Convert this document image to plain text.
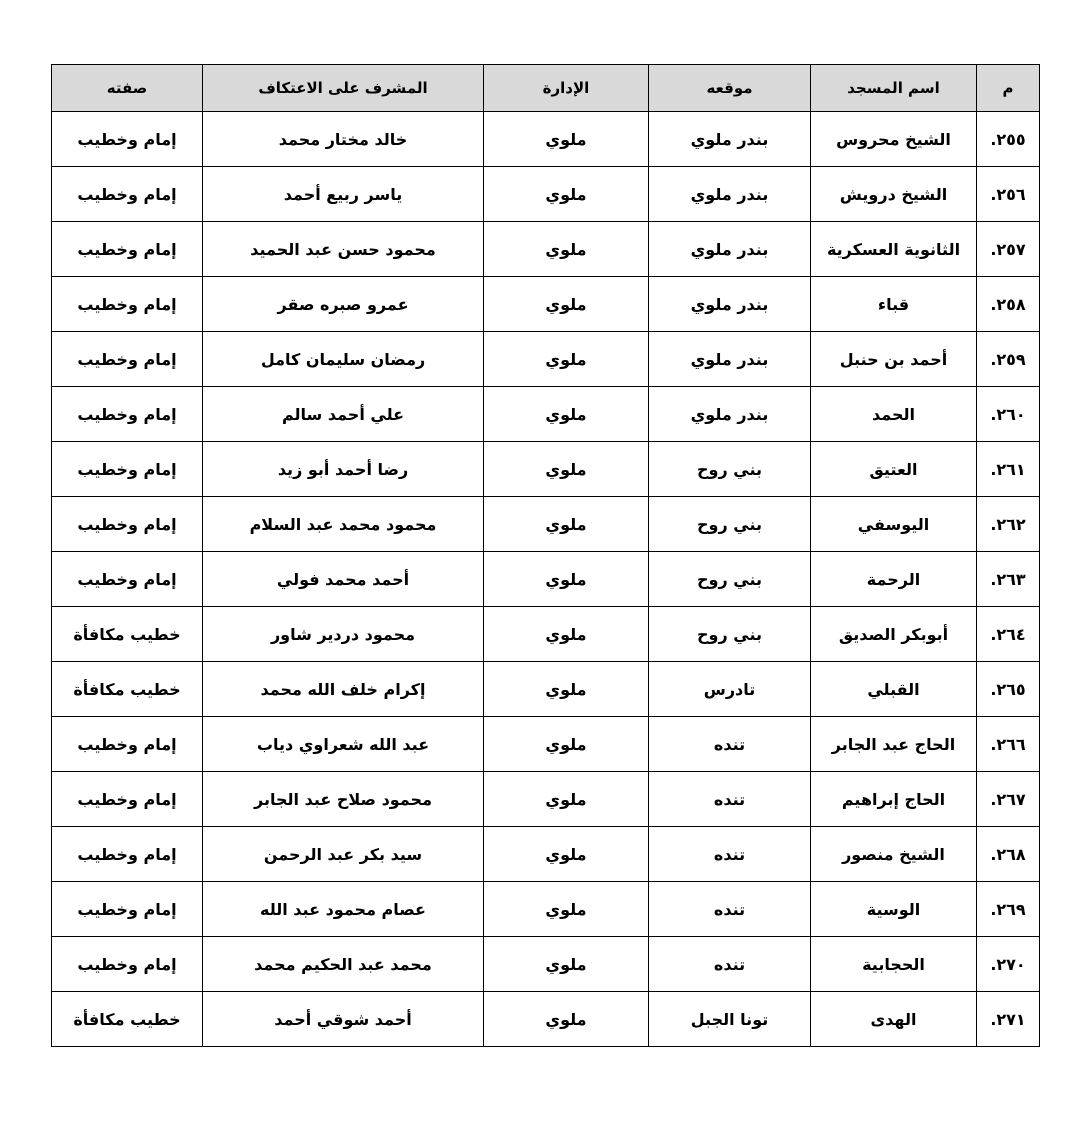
م	اسم المسجد	موقعه	الإدارة	المشرف على الاعتكاف	صفته
٢٥٥.	الشيخ محروس	بندر ملوي	ملوي	خالد مختار محمد	إمام وخطيب
٢٥٦.	الشيخ درويش	بندر ملوي	ملوي	ياسر ربيع أحمد	إمام وخطيب
٢٥٧.	الثانوية العسكرية	بندر ملوي	ملوي	محمود حسن عبد الحميد	إمام وخطيب
٢٥٨.	قباء	بندر ملوي	ملوي	عمرو صبره صقر	إمام وخطيب
٢٥٩.	أحمد بن حنبل	بندر ملوي	ملوي	رمضان سليمان كامل	إمام وخطيب
٢٦٠.	الحمد	بندر ملوي	ملوي	علي أحمد سالم	إمام وخطيب
٢٦١.	العتيق	بني روح	ملوي	رضا أحمد أبو زيد	إمام وخطيب
٢٦٢.	اليوسفي	بني روح	ملوي	محمود محمد عبد السلام	إمام وخطيب
٢٦٣.	الرحمة	بني روح	ملوي	أحمد محمد فولي	إمام وخطيب
٢٦٤.	أبوبكر الصديق	بني روح	ملوي	محمود دردير شاور	خطيب مكافأة
٢٦٥.	القبلي	تادرس	ملوي	إكرام خلف الله محمد	خطيب مكافأة
٢٦٦.	الحاج عبد الجابر	تنده	ملوي	عبد الله شعراوي دياب	إمام وخطيب
٢٦٧.	الحاج إبراهيم	تنده	ملوي	محمود صلاح عبد الجابر	إمام وخطيب
٢٦٨.	الشيخ منصور	تنده	ملوي	سيد بكر عبد الرحمن	إمام وخطيب
٢٦٩.	الوسية	تنده	ملوي	عصام محمود عبد الله	إمام وخطيب
٢٧٠.	الحجابية	تنده	ملوي	محمد عبد الحكيم محمد	إمام وخطيب
٢٧١.	الهدى	تونا الجبل	ملوي	أحمد شوقي أحمد	خطيب مكافأة
